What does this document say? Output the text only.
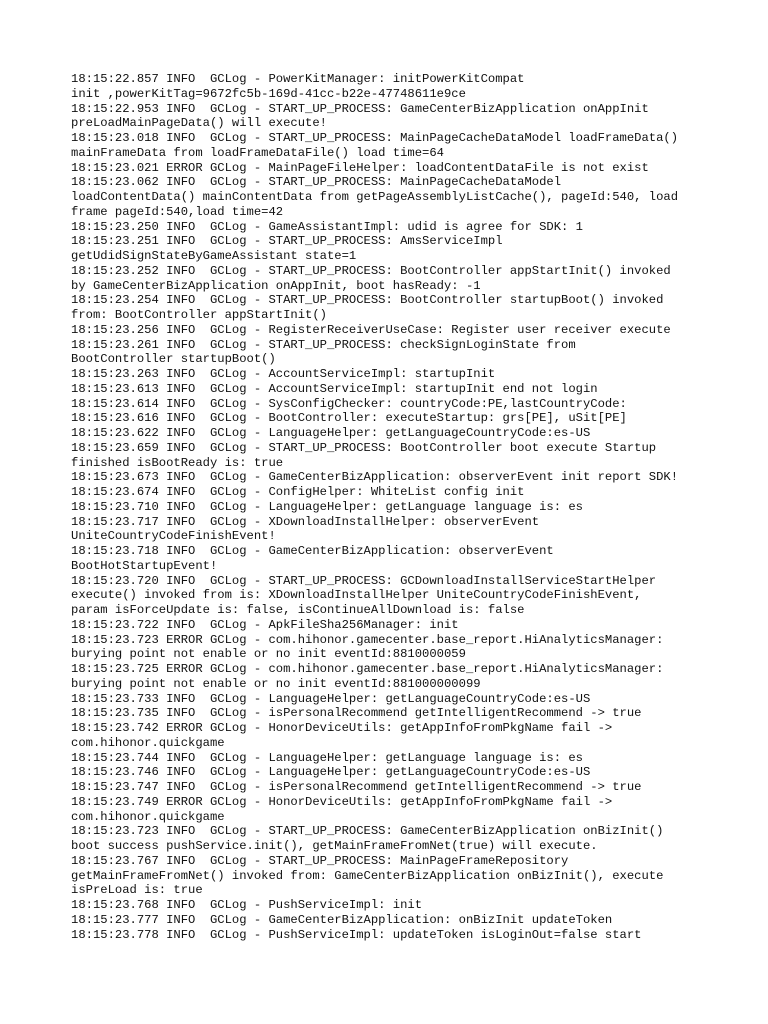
18:15:22.857 INFO  GCLog - PowerKitManager: initPowerKitCompat
init ,powerKitTag=9672fc5b-169d-41cc-b22e-47748611e9ce
18:15:22.953 INFO  GCLog - START_UP_PROCESS: GameCenterBizApplication onAppInit
preLoadMainPageData() will execute!
18:15:23.018 INFO  GCLog - START_UP_PROCESS: MainPageCacheDataModel loadFrameData()
mainFrameData from loadFrameDataFile() load time=64
18:15:23.021 ERROR GCLog - MainPageFileHelper: loadContentDataFile is not exist
18:15:23.062 INFO  GCLog - START_UP_PROCESS: MainPageCacheDataModel
loadContentData() mainContentData from getPageAssemblyListCache(), pageId:540, load
frame pageId:540,load time=42
18:15:23.250 INFO  GCLog - GameAssistantImpl: udid is agree for SDK: 1
18:15:23.251 INFO  GCLog - START_UP_PROCESS: AmsServiceImpl
getUdidSignStateByGameAssistant state=1
18:15:23.252 INFO  GCLog - START_UP_PROCESS: BootController appStartInit() invoked
by GameCenterBizApplication onAppInit, boot hasReady: -1
18:15:23.254 INFO  GCLog - START_UP_PROCESS: BootController startupBoot() invoked
from: BootController appStartInit()
18:15:23.256 INFO  GCLog - RegisterReceiverUseCase: Register user receiver execute
18:15:23.261 INFO  GCLog - START_UP_PROCESS: checkSignLoginState from
BootController startupBoot()
18:15:23.263 INFO  GCLog - AccountServiceImpl: startupInit
18:15:23.613 INFO  GCLog - AccountServiceImpl: startupInit end not login
18:15:23.614 INFO  GCLog - SysConfigChecker: countryCode:PE,lastCountryCode:
18:15:23.616 INFO  GCLog - BootController: executeStartup: grs[PE], uSit[PE]
18:15:23.622 INFO  GCLog - LanguageHelper: getLanguageCountryCode:es-US
18:15:23.659 INFO  GCLog - START_UP_PROCESS: BootController boot execute Startup
finished isBootReady is: true
18:15:23.673 INFO  GCLog - GameCenterBizApplication: observerEvent init report SDK!
18:15:23.674 INFO  GCLog - ConfigHelper: WhiteList config init
18:15:23.710 INFO  GCLog - LanguageHelper: getLanguage language is: es
18:15:23.717 INFO  GCLog - XDownloadInstallHelper: observerEvent
UniteCountryCodeFinishEvent!
18:15:23.718 INFO  GCLog - GameCenterBizApplication: observerEvent
BootHotStartupEvent!
18:15:23.720 INFO  GCLog - START_UP_PROCESS: GCDownloadInstallServiceStartHelper
execute() invoked from is: XDownloadInstallHelper UniteCountryCodeFinishEvent,
param isForceUpdate is: false, isContinueAllDownload is: false
18:15:23.722 INFO  GCLog - ApkFileSha256Manager: init
18:15:23.723 ERROR GCLog - com.hihonor.gamecenter.base_report.HiAnalyticsManager:
burying point not enable or no init eventId:8810000059
18:15:23.725 ERROR GCLog - com.hihonor.gamecenter.base_report.HiAnalyticsManager:
burying point not enable or no init eventId:881000000099
18:15:23.733 INFO  GCLog - LanguageHelper: getLanguageCountryCode:es-US
18:15:23.735 INFO  GCLog - isPersonalRecommend getIntelligentRecommend -> true
18:15:23.742 ERROR GCLog - HonorDeviceUtils: getAppInfoFromPkgName fail ->
com.hihonor.quickgame
18:15:23.744 INFO  GCLog - LanguageHelper: getLanguage language is: es
18:15:23.746 INFO  GCLog - LanguageHelper: getLanguageCountryCode:es-US
18:15:23.747 INFO  GCLog - isPersonalRecommend getIntelligentRecommend -> true
18:15:23.749 ERROR GCLog - HonorDeviceUtils: getAppInfoFromPkgName fail ->
com.hihonor.quickgame
18:15:23.723 INFO  GCLog - START_UP_PROCESS: GameCenterBizApplication onBizInit()
boot success pushService.init(), getMainFrameFromNet(true) will execute.
18:15:23.767 INFO  GCLog - START_UP_PROCESS: MainPageFrameRepository
getMainFrameFromNet() invoked from: GameCenterBizApplication onBizInit(), execute
isPreLoad is: true
18:15:23.768 INFO  GCLog - PushServiceImpl: init
18:15:23.777 INFO  GCLog - GameCenterBizApplication: onBizInit updateToken
18:15:23.778 INFO  GCLog - PushServiceImpl: updateToken isLoginOut=false start
